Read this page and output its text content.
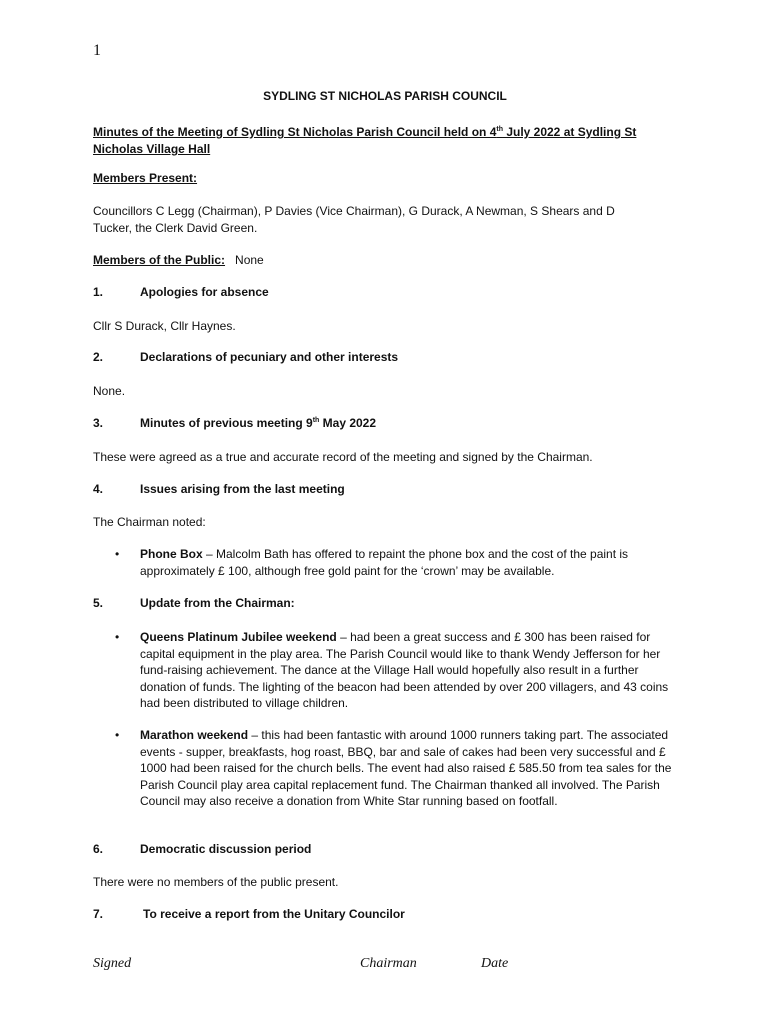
1
SYDLING ST NICHOLAS PARISH COUNCIL
Minutes of the Meeting of Sydling St Nicholas Parish Council held on 4th July 2022 at Sydling St
Nicholas Village Hall
Members Present:
Councillors C Legg (Chairman), P Davies (Vice Chairman), G Durack, A Newman, S Shears and D Tucker, the Clerk David Green.
Members of the Public: None
1.	Apologies for absence
Cllr S Durack, Cllr Haynes.
2.	Declarations of pecuniary and other interests
None.
3.	Minutes of previous meeting 9th May 2022
These were agreed as a true and accurate record of the meeting and signed by the Chairman.
4.	Issues arising from the last meeting
The Chairman noted:
• Phone Box – Malcolm Bath has offered to repaint the phone box and the cost of the paint is approximately £ 100, although free gold paint for the ‘crown’ may be available.
5.	Update from the Chairman:
• Queens Platinum Jubilee weekend – had been a great success and £ 300 has been raised for capital equipment in the play area. The Parish Council would like to thank Wendy Jefferson for her fund-raising achievement. The dance at the Village Hall would hopefully also result in a further donation of funds. The lighting of the beacon had been attended by over 200 villagers, and 43 coins had been distributed to village children.
• Marathon weekend – this had been fantastic with around 1000 runners taking part. The associated events - supper, breakfasts, hog roast, BBQ, bar and sale of cakes had been very successful and £ 1000 had been raised for the church bells. The event had also raised £ 585.50 from tea sales for the Parish Council play area capital replacement fund. The Chairman thanked all involved. The Parish Council may also receive a donation from White Star running based on footfall.
6.	Democratic discussion period
There were no members of the public present.
7.	To receive a report from the Unitary Councilor
Signed	Chairman	Date
